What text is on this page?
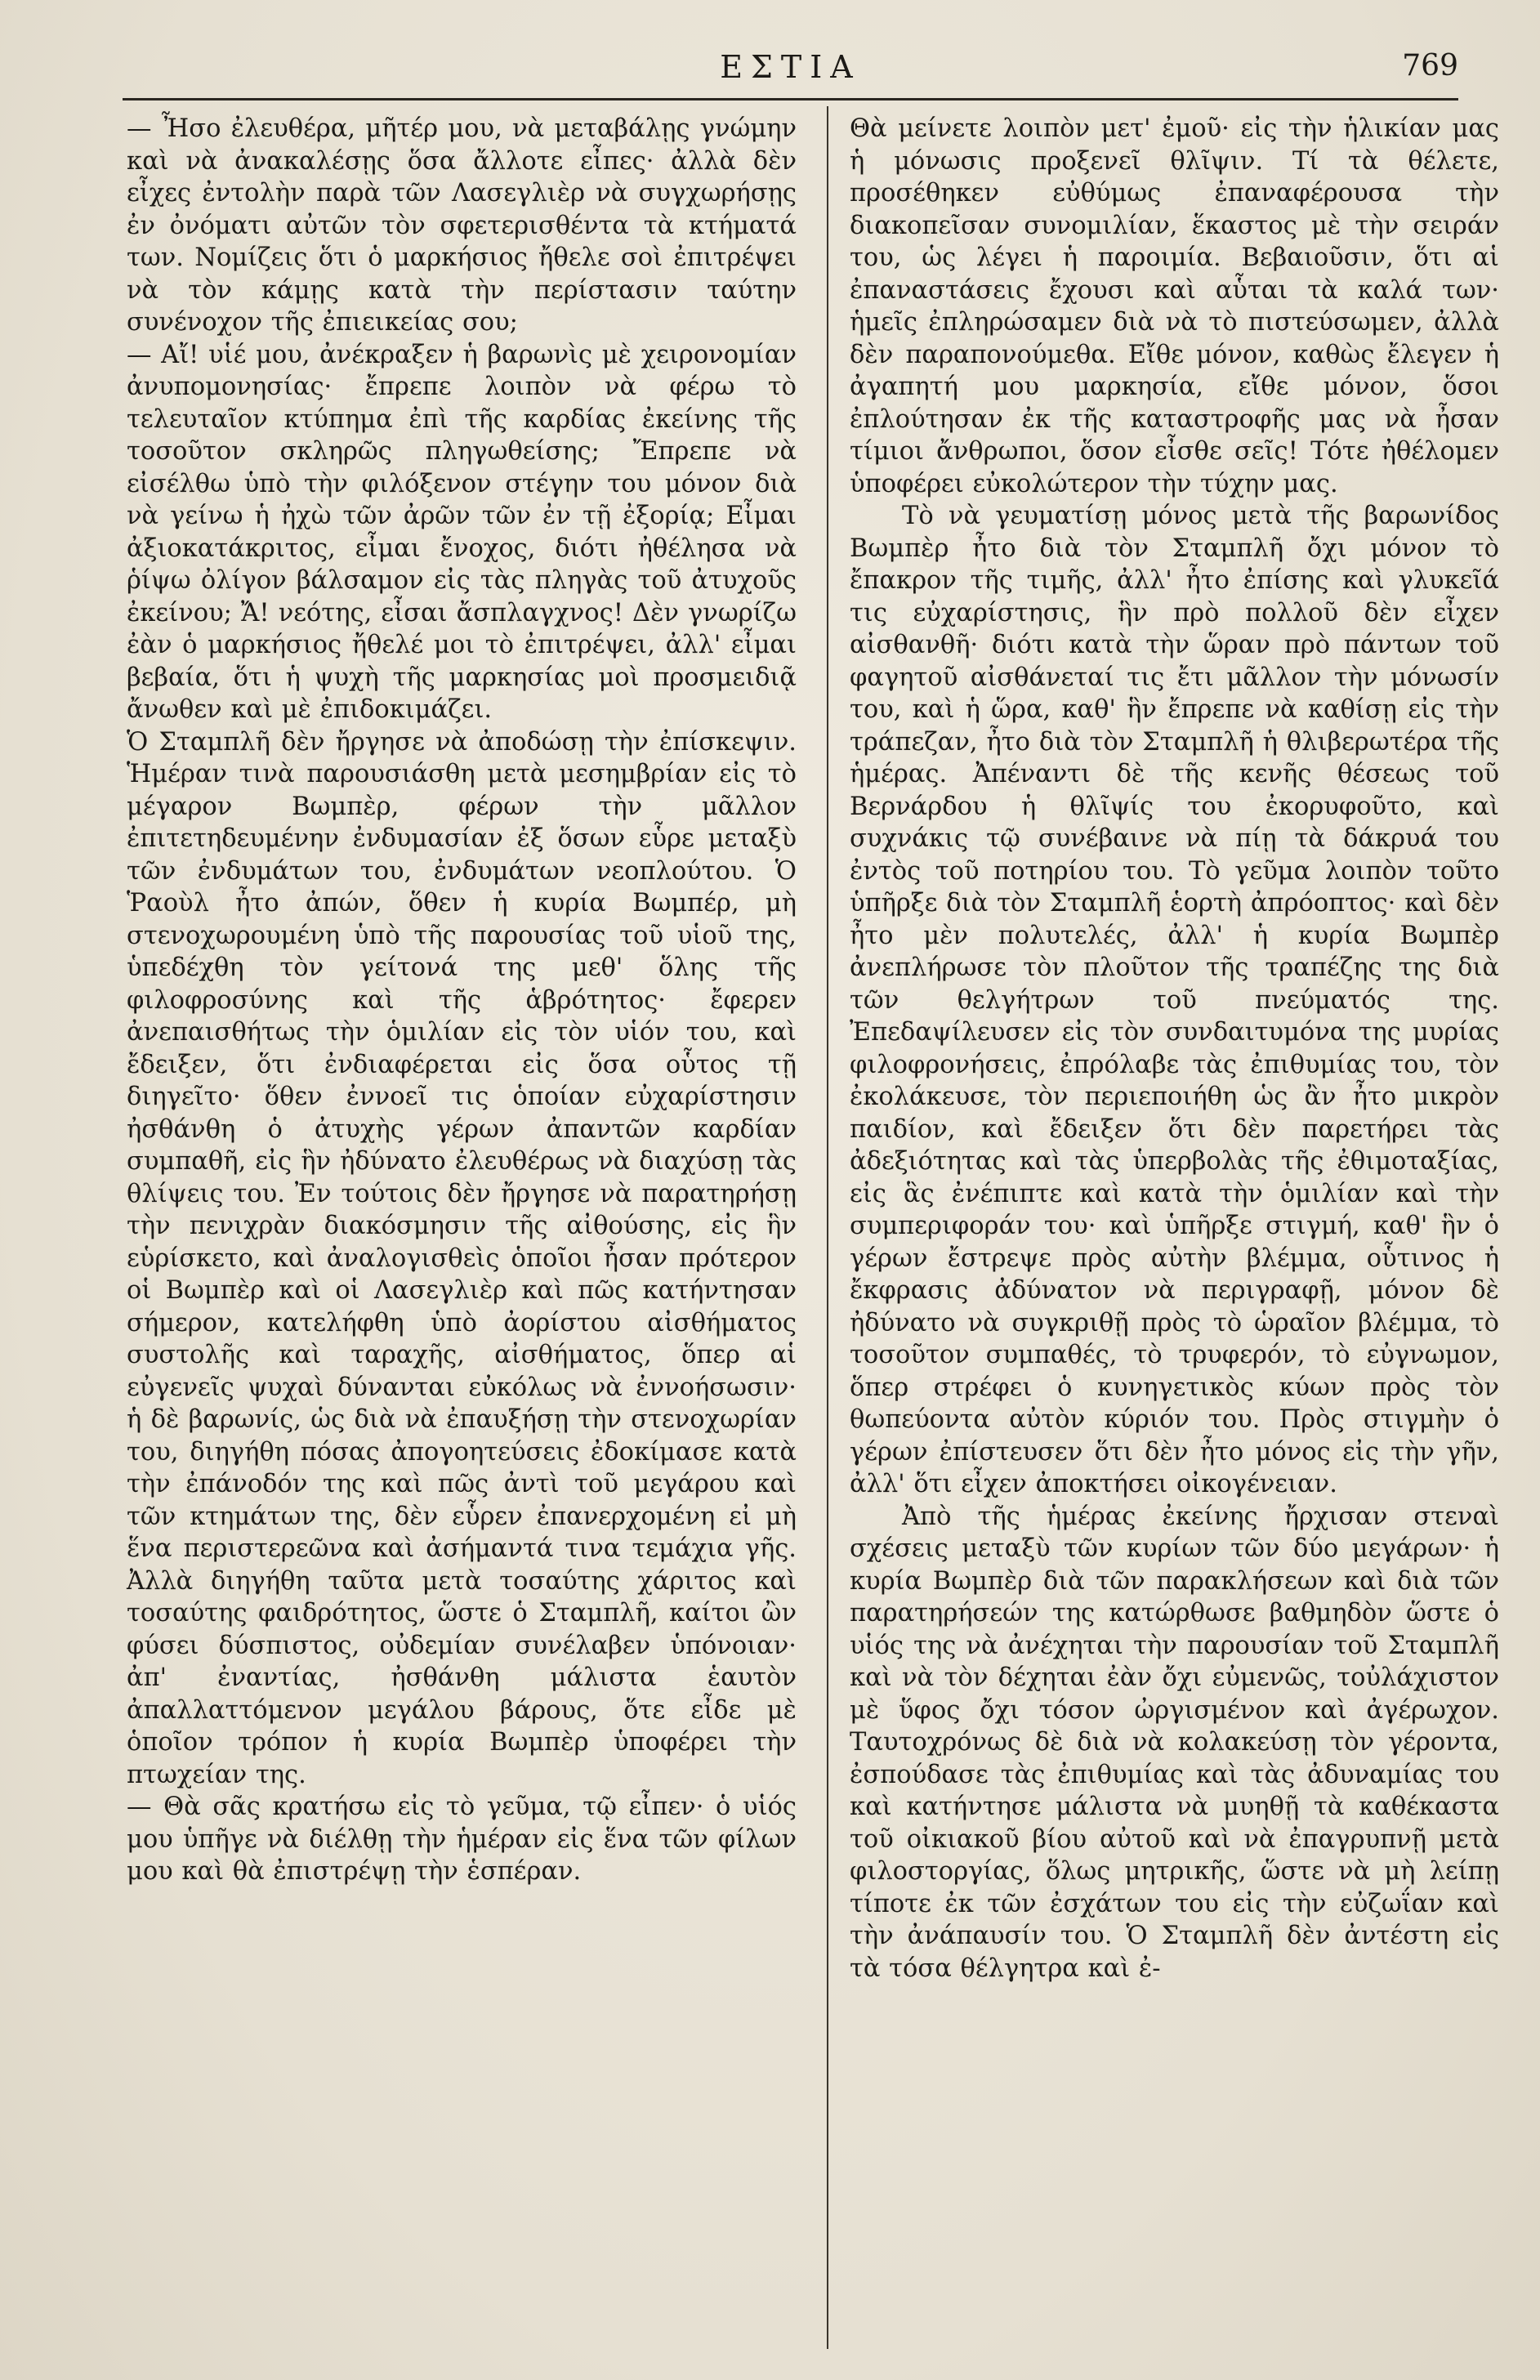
ΕΣΤΙΑ	769

— Ἦσο ἐλευθέρα, μῆτέρ μου, νὰ μεταβάλῃς γνώμην καὶ νὰ ἀνακαλέσῃς ὅσα ἄλλοτε εἶπες· ἀλλὰ δὲν εἶχες ἐντολὴν παρὰ τῶν Λασεγλιὲρ νὰ συγχωρήσῃς ἐν ὀνόματι αὐτῶν τὸν σφετερισθέντα τὰ κτήματά των. Νομίζεις ὅτι ὁ μαρκήσιος ἤθελε σοὶ ἐπιτρέψει νὰ τὸν κάμῃς κατὰ τὴν περίστασιν ταύτην συνένοχον τῆς ἐπιεικείας σου;

— Αἴ! υἱέ μου, ἀνέκραξεν ἡ βαρωνὶς μὲ χειρονομίαν ἀνυπομονησίας· ἔπρεπε λοιπὸν νὰ φέρω τὸ τελευταῖον κτύπημα ἐπὶ τῆς καρδίας ἐκείνης τῆς τοσοῦτον σκληρῶς πληγωθείσης; Ἔπρεπε νὰ εἰσέλθω ὑπὸ τὴν φιλόξενον στέγην του μόνον διὰ νὰ γείνω ἡ ἠχὼ τῶν ἀρῶν τῶν ἐν τῇ ἐξορίᾳ; Εἶμαι ἀξιοκατάκριτος, εἶμαι ἔνοχος, διότι ἠθέλησα νὰ ῥίψω ὀλίγον βάλσαμον εἰς τὰς πληγὰς τοῦ ἀτυχοῦς ἐκείνου; Ἄ! νεότης, εἶσαι ἄσπλαγχνος! Δὲν γνωρίζω ἐὰν ὁ μαρκήσιος ἤθελέ μοι τὸ ἐπιτρέψει, ἀλλ' εἶμαι βεβαία, ὅτι ἡ ψυχὴ τῆς μαρκησίας μοὶ προσμειδιᾷ ἄνωθεν καὶ μὲ ἐπιδοκιμάζει.

Ὁ Σταμπλῆ δὲν ἤργησε νὰ ἀποδώσῃ τὴν ἐπίσκεψιν. Ἡμέραν τινὰ παρουσιάσθη μετὰ μεσημβρίαν εἰς τὸ μέγαρον Βωμπὲρ, φέρων τὴν μᾶλλον ἐπιτετηδευμένην ἐνδυμασίαν ἐξ ὅσων εὗρε μεταξὺ τῶν ἐνδυμάτων του, ἐνδυμάτων νεοπλούτου. Ὁ Ῥαοὺλ ἦτο ἀπών, ὅθεν ἡ κυρία Βωμπέρ, μὴ στενοχωρουμένη ὑπὸ τῆς παρουσίας τοῦ υἱοῦ της, ὑπεδέχθη τὸν γείτονά της μεθ' ὅλης τῆς φιλοφροσύνης καὶ τῆς ἁβρότητος· ἔφερεν ἀνεπαισθήτως τὴν ὁμιλίαν εἰς τὸν υἱόν του, καὶ ἔδειξεν, ὅτι ἐνδιαφέρεται εἰς ὅσα οὗτος τῇ διηγεῖτο· ὅθεν ἐννοεῖ τις ὁποίαν εὐχαρίστησιν ἠσθάνθη ὁ ἀτυχὴς γέρων ἀπαντῶν καρδίαν συμπαθῆ, εἰς ἣν ἠδύνατο ἐλευθέρως νὰ διαχύσῃ τὰς θλίψεις του. Ἐν τούτοις δὲν ἤργησε νὰ παρατηρήσῃ τὴν πενιχρὰν διακόσμησιν τῆς αἰθούσης, εἰς ἣν εὑρίσκετο, καὶ ἀναλογισθεὶς ὁποῖοι ἦσαν πρότερον οἱ Βωμπὲρ καὶ οἱ Λασεγλιὲρ καὶ πῶς κατήντησαν σήμερον, κατελήφθη ὑπὸ ἀορίστου αἰσθήματος συστολῆς καὶ ταραχῆς, αἰσθήματος, ὅπερ αἱ εὐγενεῖς ψυχαὶ δύνανται εὐκόλως νὰ ἐννοήσωσιν· ἡ δὲ βαρωνίς, ὡς διὰ νὰ ἐπαυξήσῃ τὴν στενοχωρίαν του, διηγήθη πόσας ἀπογοητεύσεις ἐδοκίμασε κατὰ τὴν ἐπάνοδόν της καὶ πῶς ἀντὶ τοῦ μεγάρου καὶ τῶν κτημάτων της, δὲν εὗρεν ἐπανερχομένη εἰ μὴ ἕνα περιστερεῶνα καὶ ἀσήμαντά τινα τεμάχια γῆς. Ἀλλὰ διηγήθη ταῦτα μετὰ τοσαύτης χάριτος καὶ τοσαύτης φαιδρότητος, ὥστε ὁ Σταμπλῆ, καίτοι ὢν φύσει δύσπιστος, οὐδεμίαν συνέλαβεν ὑπόνοιαν· ἀπ' ἐναντίας, ἠσθάνθη μάλιστα ἑαυτὸν ἀπαλλαττόμενον μεγάλου βάρους, ὅτε εἶδε μὲ ὁποῖον τρόπον ἡ κυρία Βωμπὲρ ὑποφέρει τὴν πτωχείαν της.

— Θὰ σᾶς κρατήσω εἰς τὸ γεῦμα, τῷ εἶπεν· ὁ υἱός μου ὑπῆγε νὰ διέλθῃ τὴν ἡμέραν εἰς ἕνα τῶν φίλων μου καὶ θὰ ἐπιστρέψῃ τὴν ἑσπέραν.

Θὰ μείνετε λοιπὸν μετ' ἐμοῦ· εἰς τὴν ἡλικίαν μας ἡ μόνωσις προξενεῖ θλῖψιν. Τί τὰ θέλετε, προσέθηκεν εὐθύμως ἐπαναφέρουσα τὴν διακοπεῖσαν συνομιλίαν, ἕκαστος μὲ τὴν σειράν του, ὡς λέγει ἡ παροιμία. Βεβαιοῦσιν, ὅτι αἱ ἐπαναστάσεις ἔχουσι καὶ αὗται τὰ καλά των· ἡμεῖς ἐπληρώσαμεν διὰ νὰ τὸ πιστεύσωμεν, ἀλλὰ δὲν παραπονούμεθα. Εἴθε μόνον, καθὼς ἔλεγεν ἡ ἀγαπητή μου μαρκησία, εἴθε μόνον, ὅσοι ἐπλούτησαν ἐκ τῆς καταστροφῆς μας νὰ ἦσαν τίμιοι ἄνθρωποι, ὅσον εἶσθε σεῖς! Τότε ἠθέλομεν ὑποφέρει εὐκολώτερον τὴν τύχην μας.

Τὸ νὰ γευματίσῃ μόνος μετὰ τῆς βαρωνίδος Βωμπὲρ ἦτο διὰ τὸν Σταμπλῆ ὄχι μόνον τὸ ἔπακρον τῆς τιμῆς, ἀλλ' ἦτο ἐπίσης καὶ γλυκεῖά τις εὐχαρίστησις, ἣν πρὸ πολλοῦ δὲν εἶχεν αἰσθανθῆ· διότι κατὰ τὴν ὥραν πρὸ πάντων τοῦ φαγητοῦ αἰσθάνεταί τις ἔτι μᾶλλον τὴν μόνωσίν του, καὶ ἡ ὥρα, καθ' ἣν ἔπρεπε νὰ καθίσῃ εἰς τὴν τράπεζαν, ἦτο διὰ τὸν Σταμπλῆ ἡ θλιβερωτέρα τῆς ἡμέρας. Ἀπέναντι δὲ τῆς κενῆς θέσεως τοῦ Βερνάρδου ἡ θλῖψίς του ἐκορυφοῦτο, καὶ συχνάκις τῷ συνέβαινε νὰ πίῃ τὰ δάκρυά του ἐντὸς τοῦ ποτηρίου του. Τὸ γεῦμα λοιπὸν τοῦτο ὑπῆρξε διὰ τὸν Σταμπλῆ ἑορτὴ ἀπρόοπτος· καὶ δὲν ἦτο μὲν πολυτελές, ἀλλ' ἡ κυρία Βωμπὲρ ἀνεπλήρωσε τὸν πλοῦτον τῆς τραπέζης της διὰ τῶν θελγήτρων τοῦ πνεύματός της. Ἐπεδαψίλευσεν εἰς τὸν συνδαιτυμόνα της μυρίας φιλοφρονήσεις, ἐπρόλαβε τὰς ἐπιθυμίας του, τὸν ἐκολάκευσε, τὸν περιεποιήθη ὡς ἂν ἦτο μικρὸν παιδίον, καὶ ἔδειξεν ὅτι δὲν παρετήρει τὰς ἀδεξιότητας καὶ τὰς ὑπερβολὰς τῆς ἐθιμοταξίας, εἰς ἃς ἐνέπιπτε καὶ κατὰ τὴν ὁμιλίαν καὶ τὴν συμπεριφοράν του· καὶ ὑπῆρξε στιγμή, καθ' ἣν ὁ γέρων ἔστρεψε πρὸς αὐτὴν βλέμμα, οὗτινος ἡ ἔκφρασις ἀδύνατον νὰ περιγραφῇ, μόνον δὲ ἠδύνατο νὰ συγκριθῇ πρὸς τὸ ὡραῖον βλέμμα, τὸ τοσοῦτον συμπαθές, τὸ τρυφερόν, τὸ εὐγνωμον, ὅπερ στρέφει ὁ κυνηγετικὸς κύων πρὸς τὸν θωπεύοντα αὐτὸν κύριόν του. Πρὸς στιγμὴν ὁ γέρων ἐπίστευσεν ὅτι δὲν ἦτο μόνος εἰς τὴν γῆν, ἀλλ' ὅτι εἶχεν ἀποκτήσει οἰκογένειαν.

Ἀπὸ τῆς ἡμέρας ἐκείνης ἤρχισαν στεναὶ σχέσεις μεταξὺ τῶν κυρίων τῶν δύο μεγάρων· ἡ κυρία Βωμπὲρ διὰ τῶν παρακλήσεων καὶ διὰ τῶν παρατηρήσεών της κατώρθωσε βαθμηδὸν ὥστε ὁ υἱός της νὰ ἀνέχηται τὴν παρουσίαν τοῦ Σταμπλῆ καὶ νὰ τὸν δέχηται ἐὰν ὄχι εὐμενῶς, τοὐλάχιστον μὲ ὕφος ὄχι τόσον ὠργισμένον καὶ ἀγέρωχον. Ταυτοχρόνως δὲ διὰ νὰ κολακεύσῃ τὸν γέροντα, ἐσπούδασε τὰς ἐπιθυμίας καὶ τὰς ἀδυναμίας του καὶ κατήντησε μάλιστα νὰ μυηθῇ τὰ καθέκαστα τοῦ οἰκιακοῦ βίου αὐτοῦ καὶ νὰ ἐπαγρυπνῇ μετὰ φιλοστοργίας, ὅλως μητρικῆς, ὥστε νὰ μὴ λείπῃ τίποτε ἐκ τῶν ἐσχάτων του εἰς τὴν εὐζωΐαν καὶ τὴν ἀνάπαυσίν του. Ὁ Σταμπλῆ δὲν ἀντέστη εἰς τὰ τόσα θέλγητρα καὶ ἐ-
